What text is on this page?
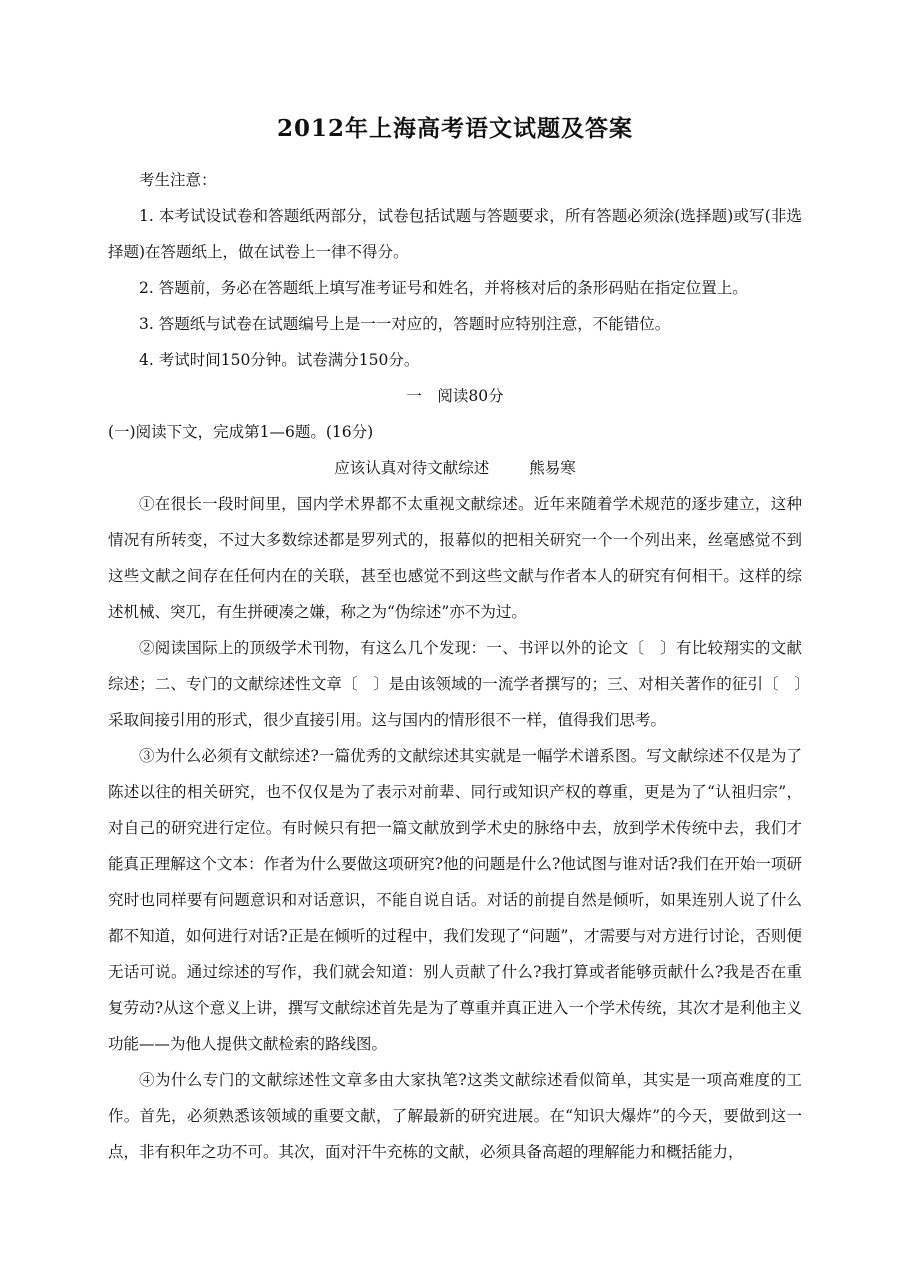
2012年上海高考语文试题及答案

考生注意：

1. 本考试设试卷和答题纸两部分，试卷包括试题与答题要求，所有答题必须涂(选择题)或写(非选择题)在答题纸上，做在试卷上一律不得分。

2. 答题前，务必在答题纸上填写准考证号和姓名，并将核对后的条形码贴在指定位置上。

3. 答题纸与试卷在试题编号上是一一对应的，答题时应特别注意，不能错位。

4. 考试时间150分钟。试卷满分150分。

一　阅读80分

(一)阅读下文，完成第1—6题。(16分)

应该认真对待文献综述	熊易寒

①在很长一段时间里，国内学术界都不太重视文献综述。近年来随着学术规范的逐步建立，这种情况有所转变，不过大多数综述都是罗列式的，报幕似的把相关研究一个一个列出来，丝毫感觉不到这些文献之间存在任何内在的关联，甚至也感觉不到这些文献与作者本人的研究有何相干。这样的综述机械、突兀，有生拼硬凑之嫌，称之为“伪综述”亦不为过。

②阅读国际上的顶级学术刊物，有这么几个发现：一、书评以外的论文〔　〕有比较翔实的文献综述；二、专门的文献综述性文章〔　〕是由该领域的一流学者撰写的；三、对相关著作的征引〔　〕采取间接引用的形式，很少直接引用。这与国内的情形很不一样，值得我们思考。

③为什么必须有文献综述?一篇优秀的文献综述其实就是一幅学术谱系图。写文献综述不仅是为了陈述以往的相关研究，也不仅仅是为了表示对前辈、同行或知识产权的尊重，更是为了“认祖归宗”，对自己的研究进行定位。有时候只有把一篇文献放到学术史的脉络中去，放到学术传统中去，我们才能真正理解这个文本：作者为什么要做这项研究?他的问题是什么?他试图与谁对话?我们在开始一项研究时也同样要有问题意识和对话意识，不能自说自话。对话的前提自然是倾听，如果连别人说了什么都不知道，如何进行对话?正是在倾听的过程中，我们发现了“问题”，才需要与对方进行讨论，否则便无话可说。通过综述的写作，我们就会知道：别人贡献了什么?我打算或者能够贡献什么?我是否在重复劳动?从这个意义上讲，撰写文献综述首先是为了尊重并真正进入一个学术传统，其次才是利他主义功能——为他人提供文献检索的路线图。

④为什么专门的文献综述性文章多由大家执笔?这类文献综述看似简单，其实是一项高难度的工作。首先，必须熟悉该领域的重要文献，了解最新的研究进展。在“知识大爆炸”的今天，要做到这一点，非有积年之功不可。其次，面对汗牛充栋的文献，必须具备高超的理解能力和概括能力，
